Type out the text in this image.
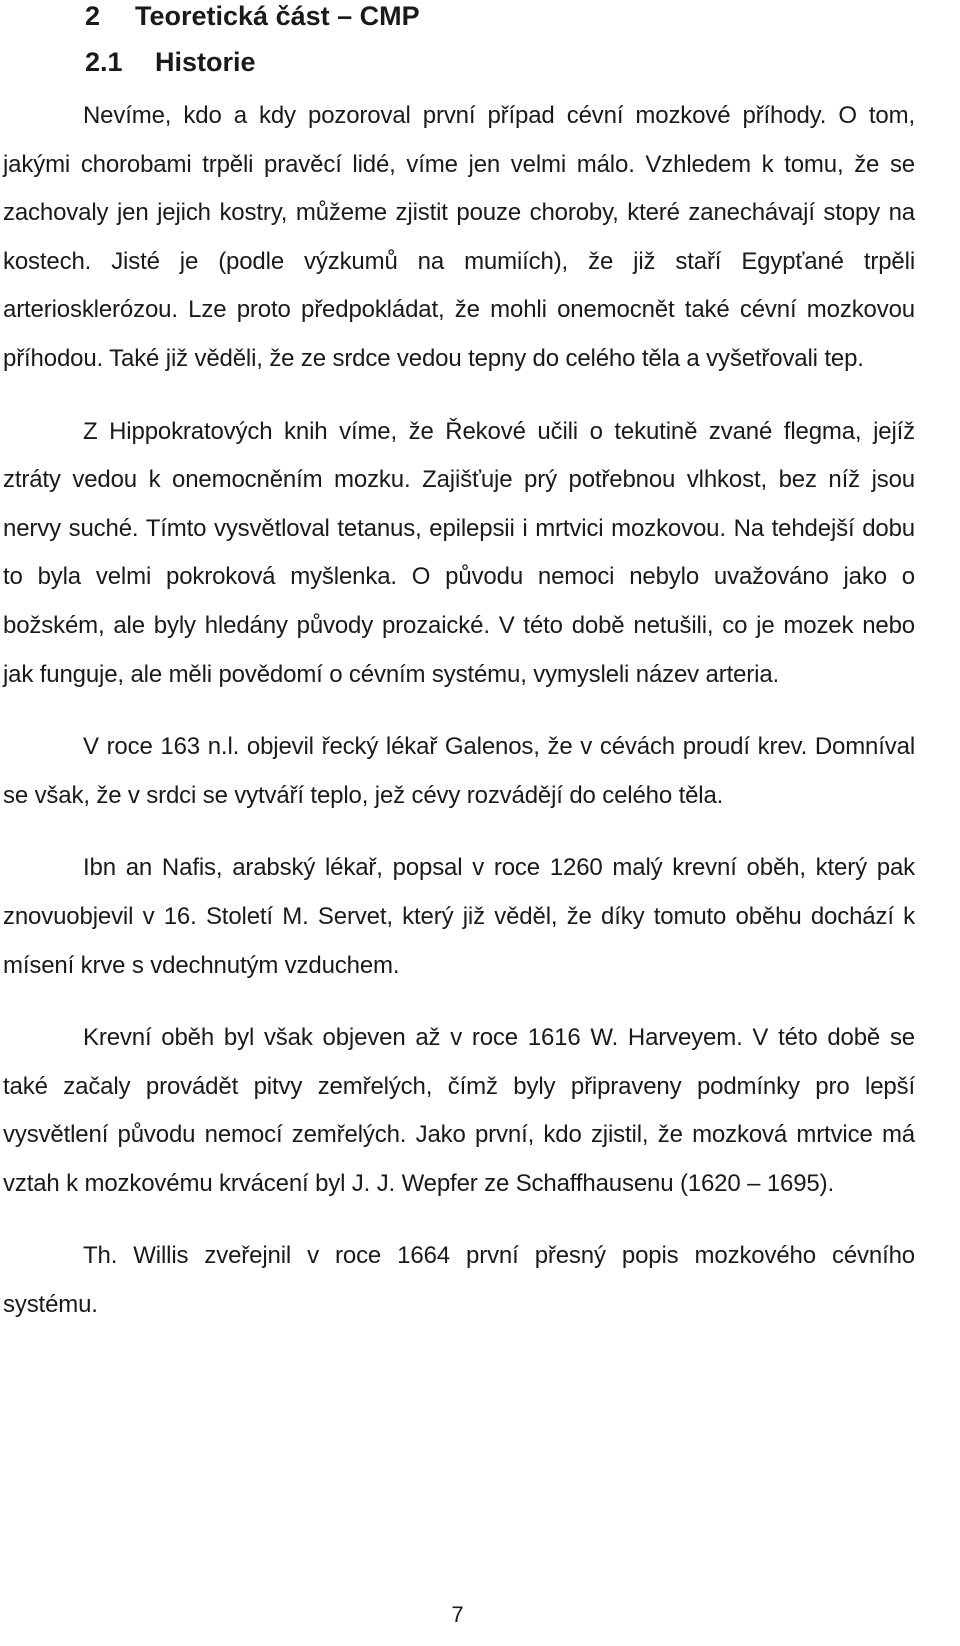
2 Teoretická část – CMP
2.1 Historie

Nevíme, kdo a kdy pozoroval první případ cévní mozkové příhody. O tom, jakými chorobami trpěli pravěcí lidé, víme jen velmi málo. Vzhledem k tomu, že se zachovaly jen jejich kostry, můžeme zjistit pouze choroby, které zanechávají stopy na kostech. Jisté je (podle výzkumů na mumiích), že již staří Egypťané trpěli arteriosklerózou. Lze proto předpokládat, že mohli onemocnět také cévní mozkovou příhodou. Také již věděli, že ze srdce vedou tepny do celého těla a vyšetřovali tep.

Z Hippokratových knih víme, že Řekové učili o tekutině zvané flegma, jejíž ztráty vedou k onemocněním mozku. Zajišťuje prý potřebnou vlhkost, bez níž jsou nervy suché. Tímto vysvětloval tetanus, epilepsii i mrtvici mozkovou. Na tehdejší dobu to byla velmi pokroková myšlenka. O původu nemoci nebylo uvažováno jako o božském, ale byly hledány původy prozaické. V této době netušili, co je mozek nebo jak funguje, ale měli povědomí o cévním systému, vymysleli název arteria.

V roce 163 n.l. objevil řecký lékař Galenos, že v cévách proudí krev. Domníval se však, že v srdci se vytváří teplo, jež cévy rozvádějí do celého těla.

Ibn an Nafis, arabský lékař, popsal v roce 1260 malý krevní oběh, který pak znovuobjevil v 16. Století M. Servet, který již věděl, že díky tomuto oběhu dochází k mísení krve s vdechnutým vzduchem.

Krevní oběh byl však objeven až v roce 1616 W. Harveyem. V této době se také začaly provádět pitvy zemřelých, čímž byly připraveny podmínky pro lepší vysvětlení původu nemocí zemřelých. Jako první, kdo zjistil, že mozková mrtvice má vztah k mozkovému krvácení byl J. J. Wepfer ze Schaffhausenu (1620 – 1695).

Th. Willis zveřejnil v roce 1664 první přesný popis mozkového cévního systému.

7
